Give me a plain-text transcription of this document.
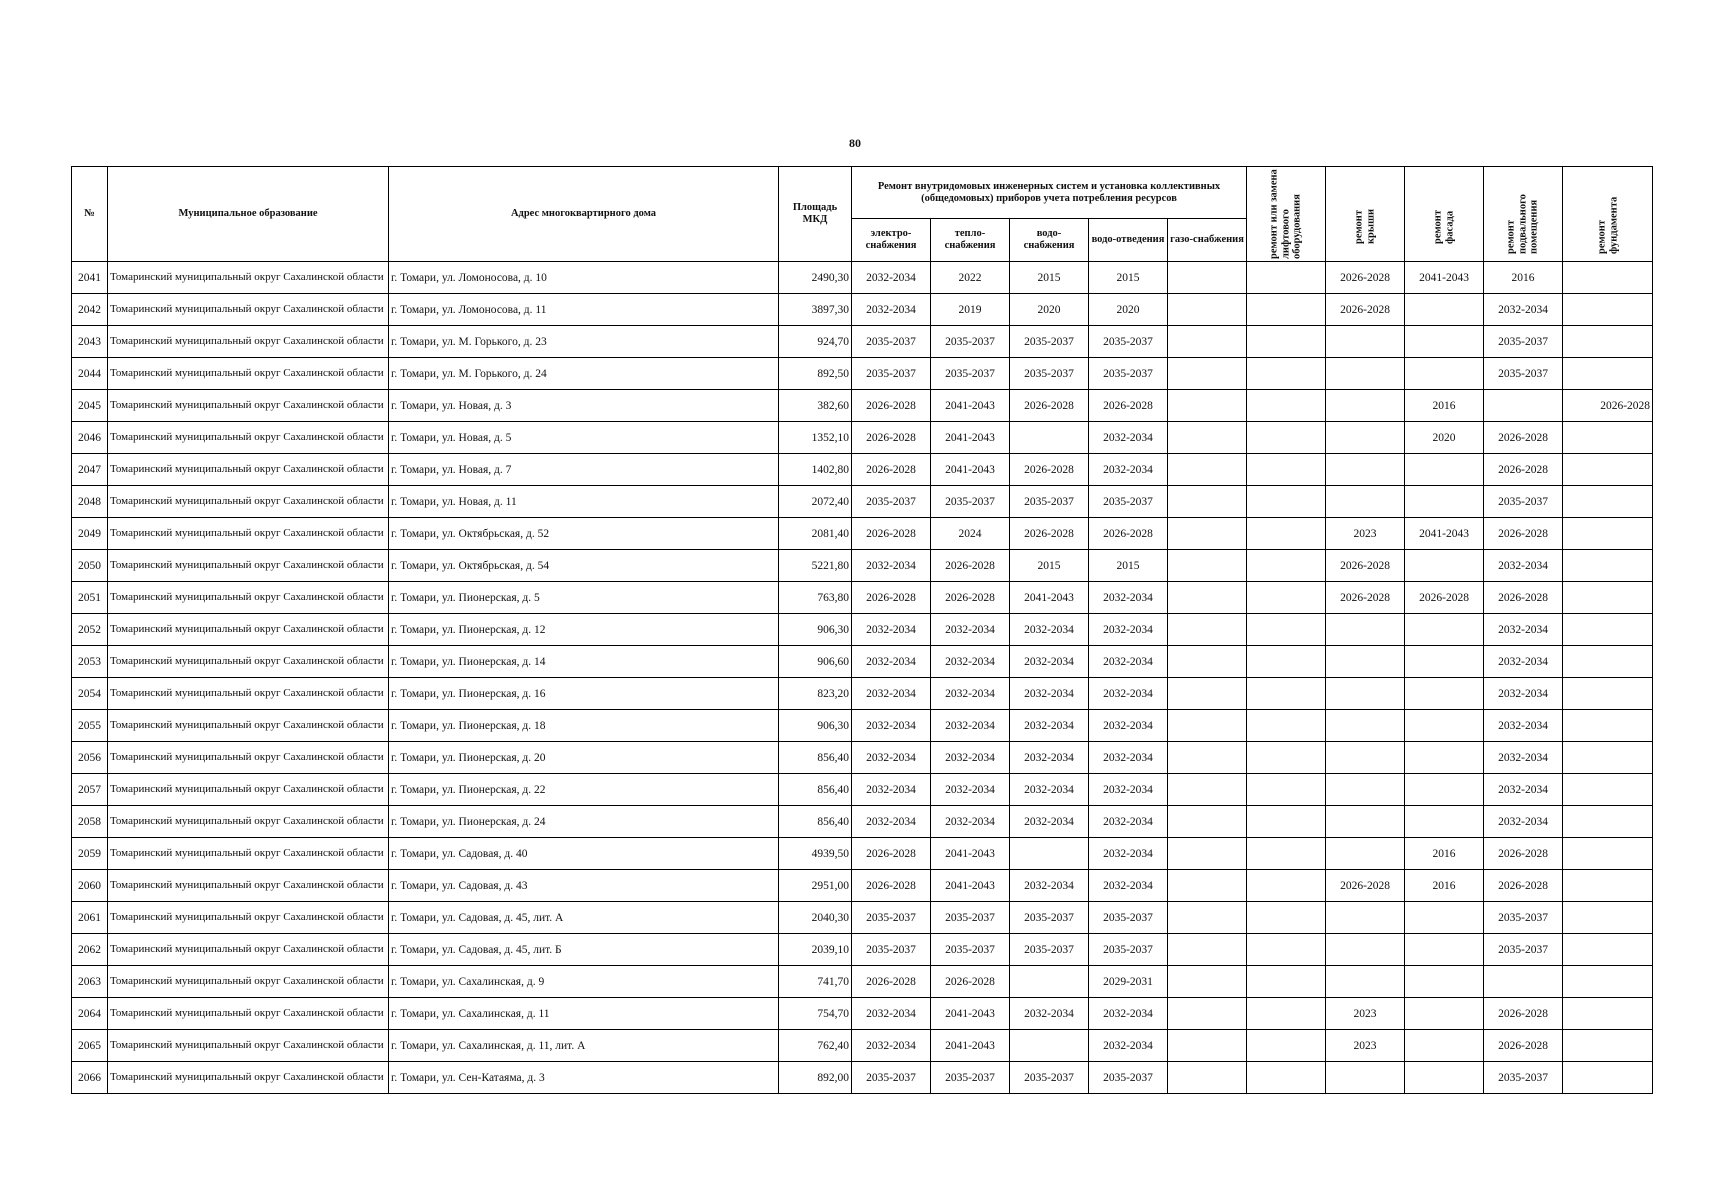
80
№	Муниципальное образование	Адрес многоквартирного дома	Площадь МКД	Ремонт внутридомовых инженерных систем и установка коллективных (общедомовых) приборов учета потребления ресурсов					ремонт или замена лифтового оборудования	ремонт крыши	ремонт фасада	ремонт подвального помещения	ремонт фундамента

				электро-снабжения	тепло-снабжения	водо-снабжения	водо-отведения	газо-снабжения					
2041	Томаринский муниципальный округ Сахалинской области	г. Томари, ул. Ломоносова, д. 10	2490,30	2032-2034	2022	2015	2015			2026-2028	2041-2043	2016	
2042	Томаринский муниципальный округ Сахалинской области	г. Томари, ул. Ломоносова, д. 11	3897,30	2032-2034	2019	2020	2020			2026-2028		2032-2034	
2043	Томаринский муниципальный округ Сахалинской области	г. Томари, ул. М. Горького, д. 23	924,70	2035-2037	2035-2037	2035-2037	2035-2037					2035-2037	
2044	Томаринский муниципальный округ Сахалинской области	г. Томари, ул. М. Горького, д. 24	892,50	2035-2037	2035-2037	2035-2037	2035-2037					2035-2037	
2045	Томаринский муниципальный округ Сахалинской области	г. Томари, ул. Новая, д. 3	382,60	2026-2028	2041-2043	2026-2028	2026-2028				2016		2026-2028
2046	Томаринский муниципальный округ Сахалинской области	г. Томари, ул. Новая, д. 5	1352,10	2026-2028	2041-2043		2032-2034				2020	2026-2028	
2047	Томаринский муниципальный округ Сахалинской области	г. Томари, ул. Новая, д. 7	1402,80	2026-2028	2041-2043	2026-2028	2032-2034					2026-2028	
2048	Томаринский муниципальный округ Сахалинской области	г. Томари, ул. Новая, д. 11	2072,40	2035-2037	2035-2037	2035-2037	2035-2037					2035-2037	
2049	Томаринский муниципальный округ Сахалинской области	г. Томари, ул. Октябрьская, д. 52	2081,40	2026-2028	2024	2026-2028	2026-2028			2023	2041-2043	2026-2028	
2050	Томаринский муниципальный округ Сахалинской области	г. Томари, ул. Октябрьская, д. 54	5221,80	2032-2034	2026-2028	2015	2015			2026-2028		2032-2034	
2051	Томаринский муниципальный округ Сахалинской области	г. Томари, ул. Пионерская, д. 5	763,80	2026-2028	2026-2028	2041-2043	2032-2034			2026-2028	2026-2028	2026-2028	
2052	Томаринский муниципальный округ Сахалинской области	г. Томари, ул. Пионерская, д. 12	906,30	2032-2034	2032-2034	2032-2034	2032-2034					2032-2034	
2053	Томаринский муниципальный округ Сахалинской области	г. Томари, ул. Пионерская, д. 14	906,60	2032-2034	2032-2034	2032-2034	2032-2034					2032-2034	
2054	Томаринский муниципальный округ Сахалинской области	г. Томари, ул. Пионерская, д. 16	823,20	2032-2034	2032-2034	2032-2034	2032-2034					2032-2034	
2055	Томаринский муниципальный округ Сахалинской области	г. Томари, ул. Пионерская, д. 18	906,30	2032-2034	2032-2034	2032-2034	2032-2034					2032-2034	
2056	Томаринский муниципальный округ Сахалинской области	г. Томари, ул. Пионерская, д. 20	856,40	2032-2034	2032-2034	2032-2034	2032-2034					2032-2034	
2057	Томаринский муниципальный округ Сахалинской области	г. Томари, ул. Пионерская, д. 22	856,40	2032-2034	2032-2034	2032-2034	2032-2034					2032-2034	
2058	Томаринский муниципальный округ Сахалинской области	г. Томари, ул. Пионерская, д. 24	856,40	2032-2034	2032-2034	2032-2034	2032-2034					2032-2034	
2059	Томаринский муниципальный округ Сахалинской области	г. Томари, ул. Садовая, д. 40	4939,50	2026-2028	2041-2043		2032-2034				2016	2026-2028	
2060	Томаринский муниципальный округ Сахалинской области	г. Томари, ул. Садовая, д. 43	2951,00	2026-2028	2041-2043	2032-2034	2032-2034			2026-2028	2016	2026-2028	
2061	Томаринский муниципальный округ Сахалинской области	г. Томари, ул. Садовая, д. 45, лит. А	2040,30	2035-2037	2035-2037	2035-2037	2035-2037					2035-2037	
2062	Томаринский муниципальный округ Сахалинской области	г. Томари, ул. Садовая, д. 45, лит. Б	2039,10	2035-2037	2035-2037	2035-2037	2035-2037					2035-2037	
2063	Томаринский муниципальный округ Сахалинской области	г. Томари, ул. Сахалинская, д. 9	741,70	2026-2028	2026-2028		2029-2031						
2064	Томаринский муниципальный округ Сахалинской области	г. Томари, ул. Сахалинская, д. 11	754,70	2032-2034	2041-2043	2032-2034	2032-2034			2023		2026-2028	
2065	Томаринский муниципальный округ Сахалинской области	г. Томари, ул. Сахалинская, д. 11, лит. А	762,40	2032-2034	2041-2043		2032-2034			2023		2026-2028	
2066	Томаринский муниципальный округ Сахалинской области	г. Томари, ул. Сен-Катаяма, д. 3	892,00	2035-2037	2035-2037	2035-2037	2035-2037					2035-2037	
